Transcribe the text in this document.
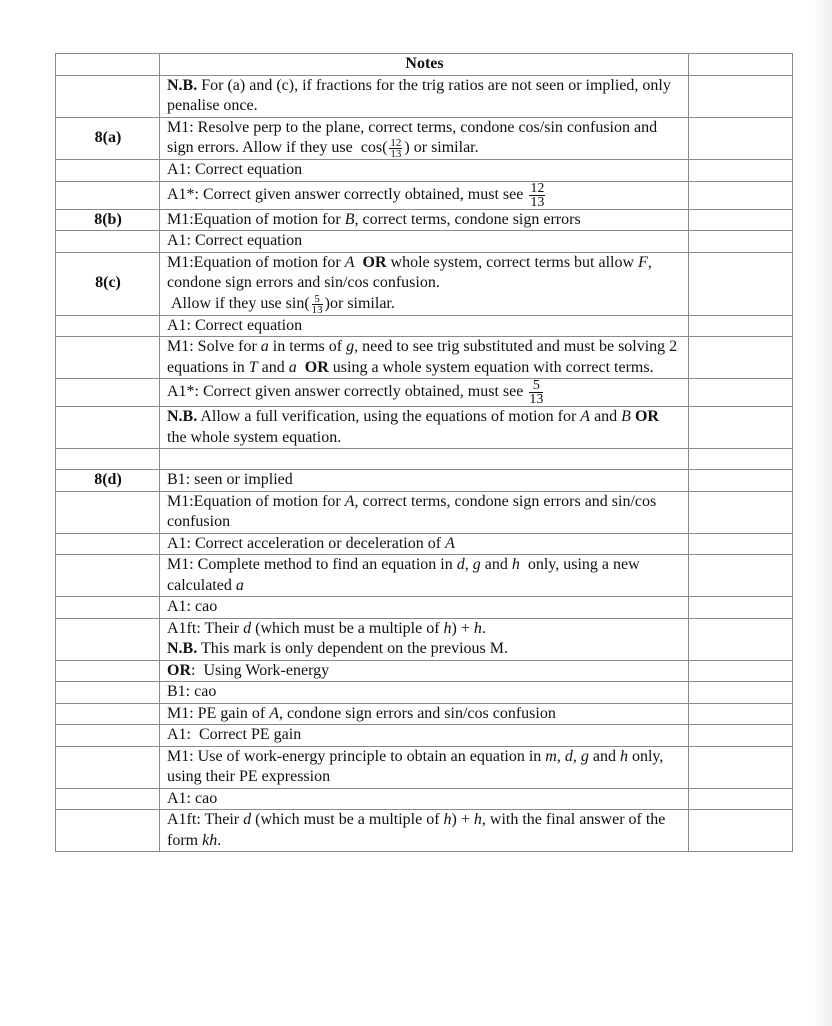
	Notes	
	N.B. For (a) and (c), if fractions for the trig ratios are not seen or implied, only penalise once.	
8(a)	M1: Resolve perp to the plane, correct terms, condone cos/sin confusion and sign errors. Allow if they use  $\cos( \frac{12}{13}$ ) or similar.	
	A1: Correct equation	
	A1*: Correct given answer correctly obtained, must see $\frac{12}{13}$

8(b)	M1:Equation of motion for B, correct terms, condone sign errors	
	A1: Correct equation	
8(c)	M1:Equation of motion for A OR whole system, correct terms but allow F, condone sign errors and sin/cos confusion.
Allow if they use $\sin( \frac{5}{13} )or$ similar.	
	A1: Correct equation	
	M1: Solve for a in terms of g, need to see trig substituted and must be solving 2 equations in T and a OR using a whole system equation with correct terms.	
	A1*: Correct given answer correctly obtained, must see $\frac{5}{13}$

	N.B. Allow a full verification, using the equations of motion for A and B OR the whole system equation.	

8(d)	B1: seen or implied	
	M1:Equation of motion for A, correct terms, condone sign errors and sin/cos confusion	
	A1: Correct acceleration or deceleration of A	
	M1: Complete method to find an equation in d, g and h  only, using a new calculated a	
	A1: cao	
	A1ft: Their d (which must be a multiple of h) + h.
N.B. This mark is only dependent on the previous M.	
	OR:  Using Work-energy	
	B1: cao	
	M1: PE gain of A, condone sign errors and sin/cos confusion	
	A1:  Correct PE gain	
	M1: Use of work-energy principle to obtain an equation in m, d, g and h only, using their PE expression	
	A1: cao	
	A1ft: Their d (which must be a multiple of h) + h, with the final answer of the form kh.	
